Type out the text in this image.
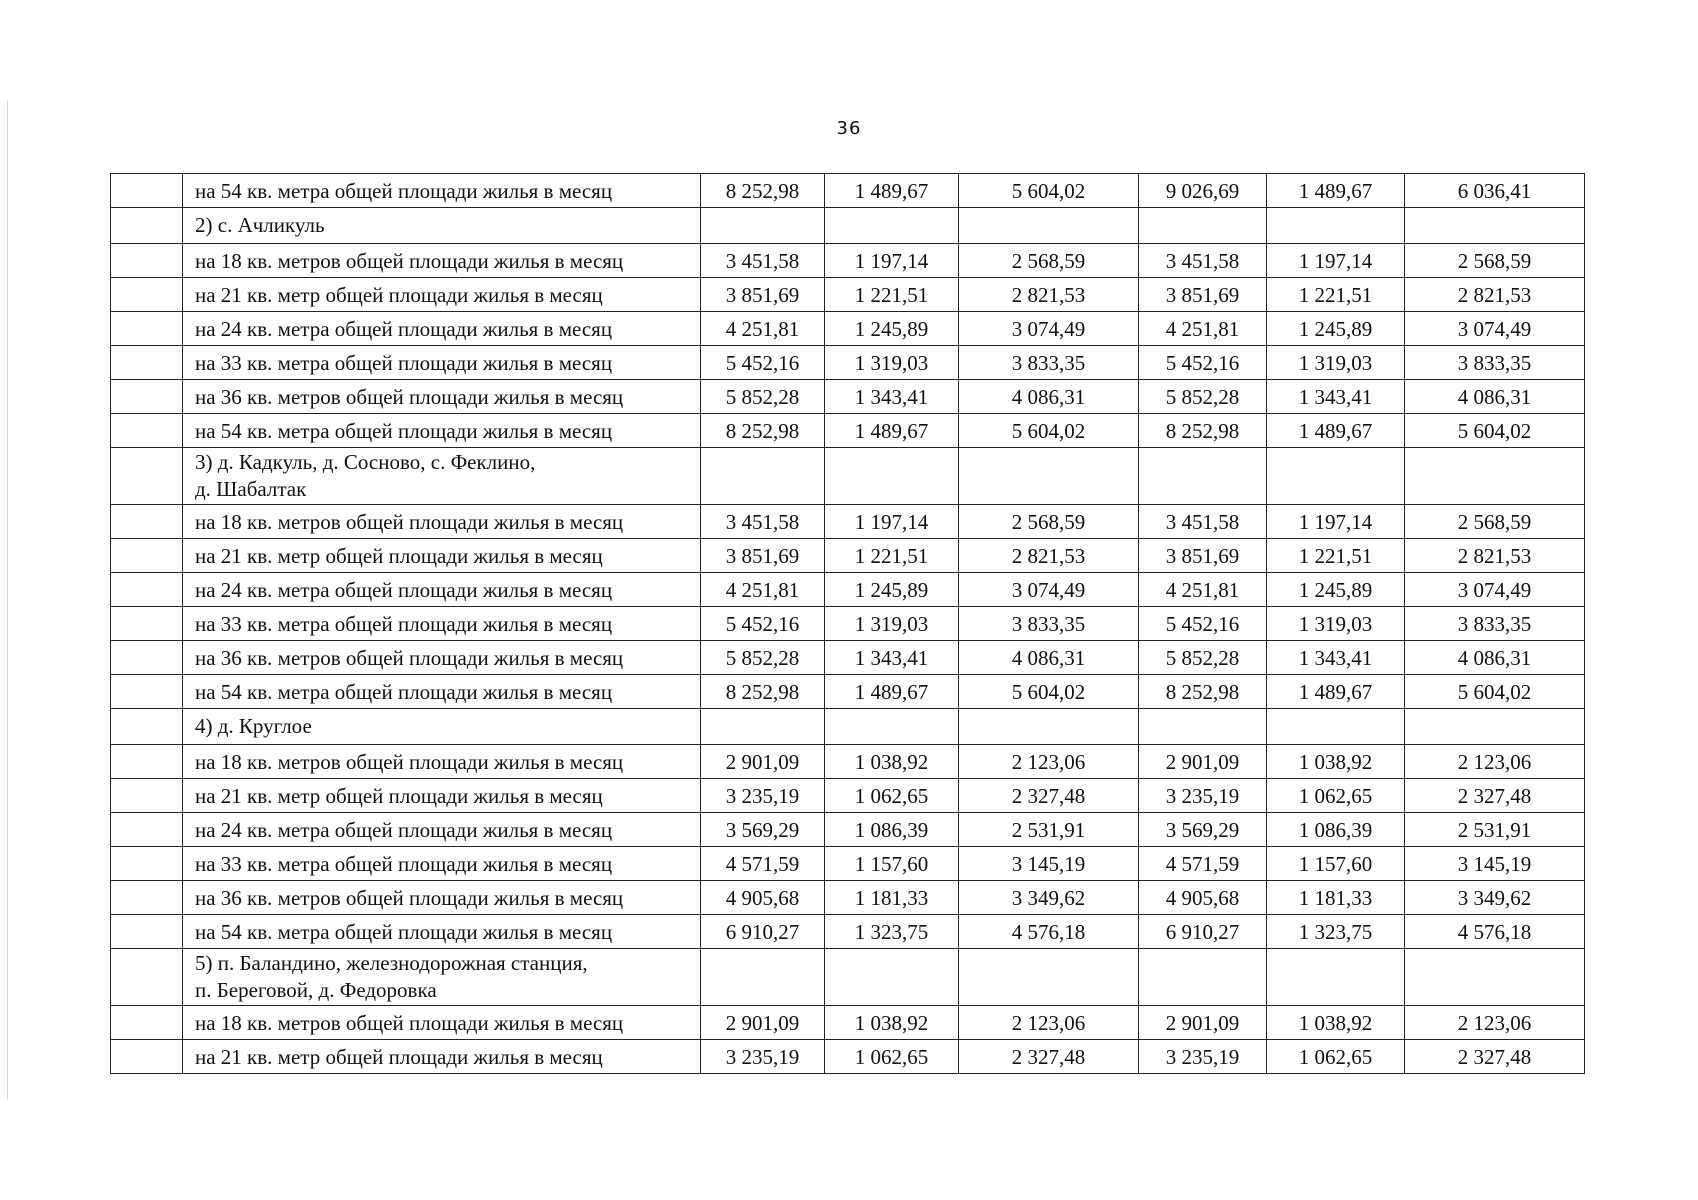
36

	на 54 кв. метра общей площади жилья в месяц	8 252,98	1 489,67	5 604,02	9 026,69	1 489,67	6 036,41

	2) с. Ачликуль						

	на 18 кв. метров общей площади жилья в месяц	3 451,58	1 197,14	2 568,59	3 451,58	1 197,14	2 568,59

	на 21 кв. метр общей площади жилья в месяц	3 851,69	1 221,51	2 821,53	3 851,69	1 221,51	2 821,53

	на 24 кв. метра общей площади жилья в месяц	4 251,81	1 245,89	3 074,49	4 251,81	1 245,89	3 074,49

	на 33 кв. метра общей площади жилья в месяц	5 452,16	1 319,03	3 833,35	5 452,16	1 319,03	3 833,35

	на 36 кв. метров общей площади жилья в месяц	5 852,28	1 343,41	4 086,31	5 852,28	1 343,41	4 086,31

	на 54 кв. метра общей площади жилья в месяц	8 252,98	1 489,67	5 604,02	8 252,98	1 489,67	5 604,02

	3) д. Кадкуль, д. Сосново, с. Феклино,
д. Шабалтак						

	на 18 кв. метров общей площади жилья в месяц	3 451,58	1 197,14	2 568,59	3 451,58	1 197,14	2 568,59

	на 21 кв. метр общей площади жилья в месяц	3 851,69	1 221,51	2 821,53	3 851,69	1 221,51	2 821,53

	на 24 кв. метра общей площади жилья в месяц	4 251,81	1 245,89	3 074,49	4 251,81	1 245,89	3 074,49

	на 33 кв. метра общей площади жилья в месяц	5 452,16	1 319,03	3 833,35	5 452,16	1 319,03	3 833,35

	на 36 кв. метров общей площади жилья в месяц	5 852,28	1 343,41	4 086,31	5 852,28	1 343,41	4 086,31

	на 54 кв. метра общей площади жилья в месяц	8 252,98	1 489,67	5 604,02	8 252,98	1 489,67	5 604,02

	4) д. Круглое						

	на 18 кв. метров общей площади жилья в месяц	2 901,09	1 038,92	2 123,06	2 901,09	1 038,92	2 123,06

	на 21 кв. метр общей площади жилья в месяц	3 235,19	1 062,65	2 327,48	3 235,19	1 062,65	2 327,48

	на 24 кв. метра общей площади жилья в месяц	3 569,29	1 086,39	2 531,91	3 569,29	1 086,39	2 531,91

	на 33 кв. метра общей площади жилья в месяц	4 571,59	1 157,60	3 145,19	4 571,59	1 157,60	3 145,19

	на 36 кв. метров общей площади жилья в месяц	4 905,68	1 181,33	3 349,62	4 905,68	1 181,33	3 349,62

	на 54 кв. метра общей площади жилья в месяц	6 910,27	1 323,75	4 576,18	6 910,27	1 323,75	4 576,18

	5) п. Баландино, железнодорожная станция,
п. Береговой, д. Федоровка						

	на 18 кв. метров общей площади жилья в месяц	2 901,09	1 038,92	2 123,06	2 901,09	1 038,92	2 123,06

	на 21 кв. метр общей площади жилья в месяц	3 235,19	1 062,65	2 327,48	3 235,19	1 062,65	2 327,48
